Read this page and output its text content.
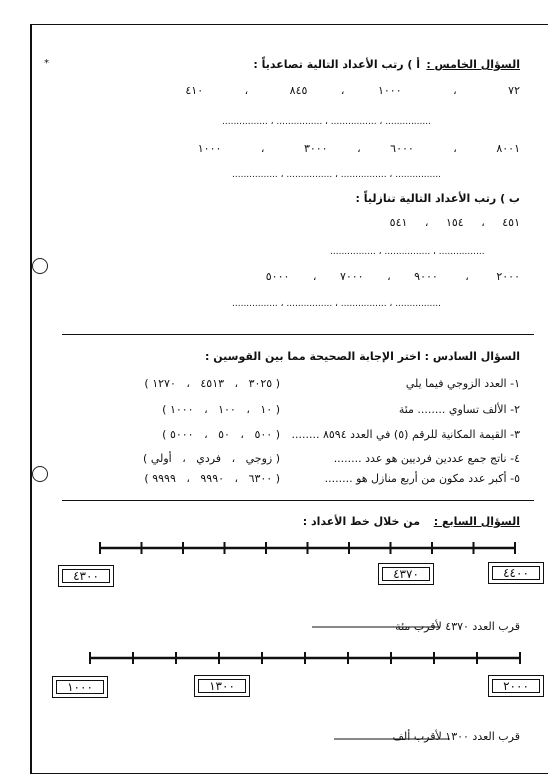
*	السؤال الخامس :
أ ) رتب الأعداد التالية تصاعدياً :
٧٢ ، ١٠٠٠ ، ٨٤٥ ، ٤١٠
................ ، ................ ، ................ ، ................
٨٠٠١ ، ٦٠٠٠ ، ٣٠٠٠ ، ١٠٠٠
................ ، ................ ، ................ ، ................
ب ) رتب الأعداد التالية تنازلياً :
٤٥١ ، ١٥٤ ، ٥٤١
................ ، ................ ، ................
٢٠٠٠ ، ٩٠٠٠ ، ٧٠٠٠ ، ٥٠٠٠
................ ، ................ ، ................ ، ................
السؤال السادس : اختر الإجابة الصحيحة مما بين القوسين :
١- العدد الزوجي فيما يلي
( ٣٠٢٥   ،   ٤٥١٣   ،   ١٢٧٠ )
٢- الألف تساوي ........ مئة
( ١٠   ،   ١٠٠   ،   ١٠٠٠ )
٣- القيمة المكانية للرقم (٥) في العدد ٨٥٩٤ ........
( ٥٠٠   ،   ٥٠   ،   ٥٠٠٠ )
٤- ناتج جمع عددين فرديين هو عدد ........
( زوجي   ،   فردي   ،   أولي )
٥- أكبر عدد مكون من أربع منازل هو ........
( ٦٣٠٠   ،   ٩٩٩٠   ،   ٩٩٩٩ )
السؤال السابع :
من خلال خط الأعداد :
٤٣٠٠	٤٣٧٠	٤٤٠٠
قرب العدد ٤٣٧٠ لأقرب مئة
١٠٠٠	١٣٠٠	٢٠٠٠
قرب العدد ١٣٠٠ لأقرب ألف
